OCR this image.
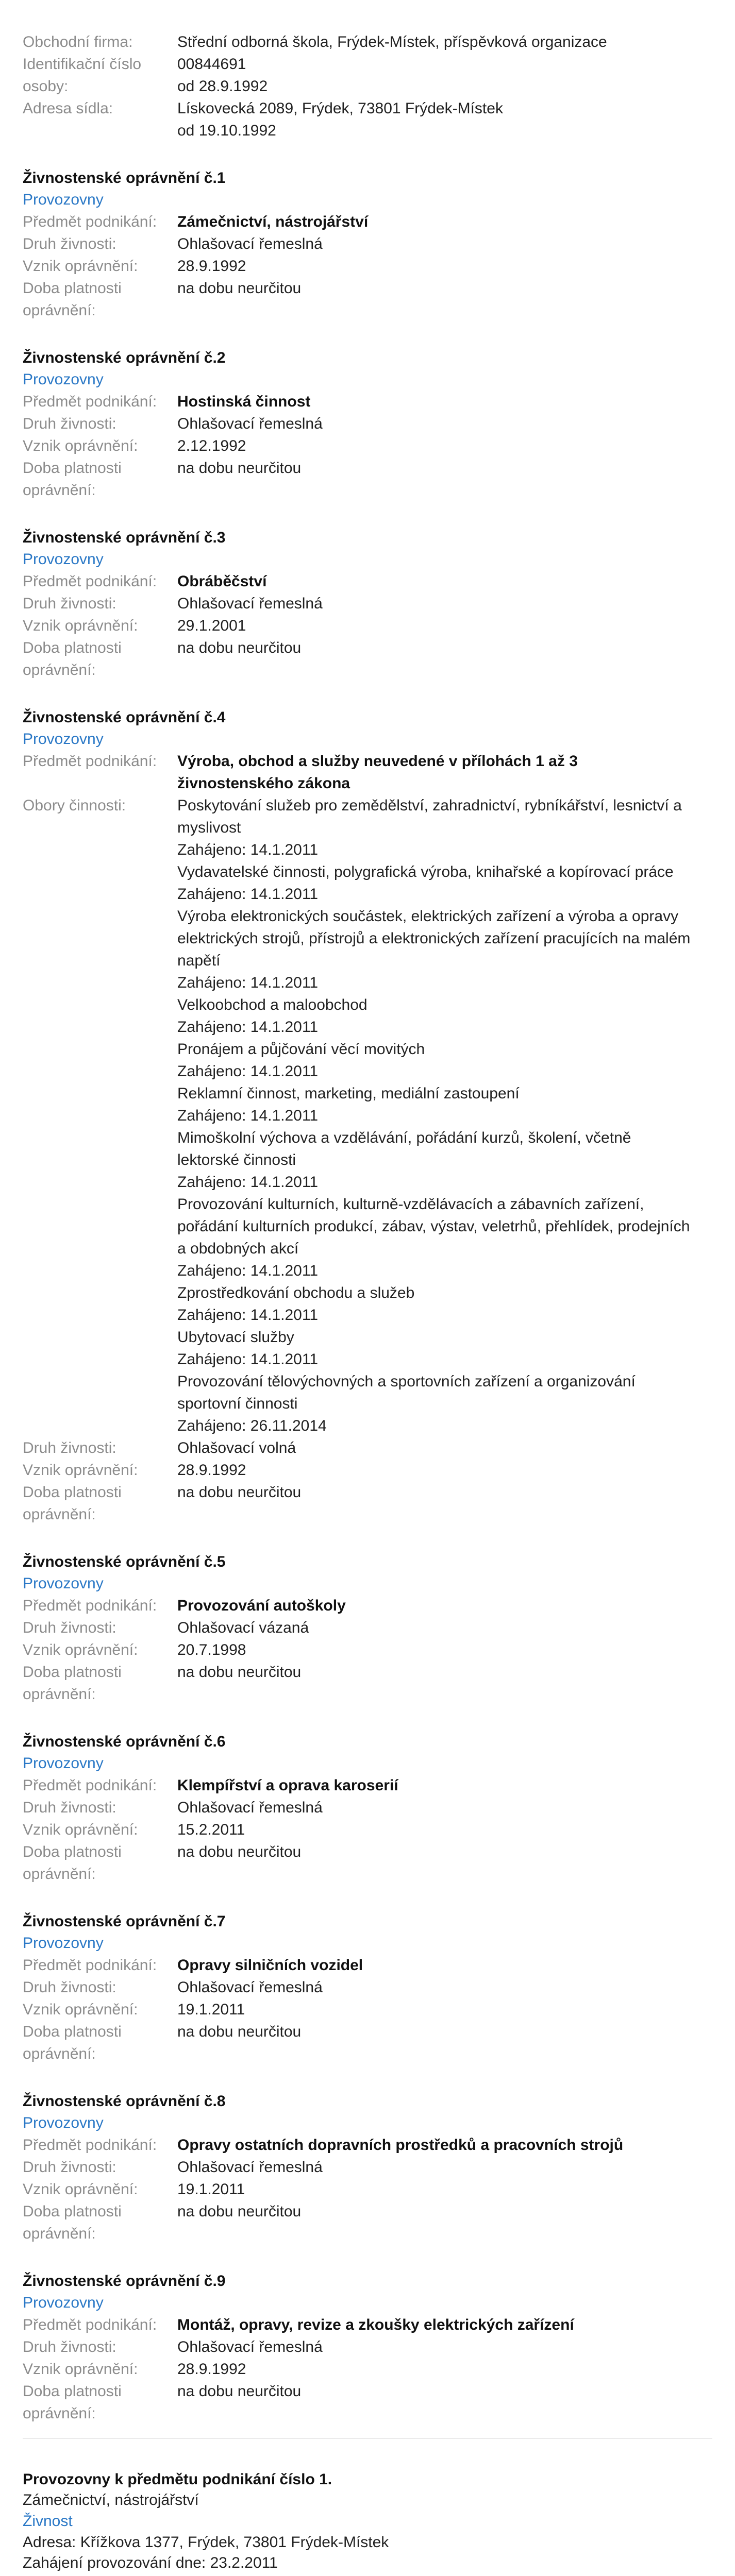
Obchodní firma:	Střední odborná škola, Frýdek-Místek, příspěvková organizace
Identifikační číslo	00844691
osoby:	od 28.9.1992
Adresa sídla:	Lískovecká 2089, Frýdek, 73801 Frýdek-Místek
od 19.10.1992
Živnostenské oprávnění č.1
Provozovny
Předmět podnikání:	Zámečnictví, nástrojářství
Druh živnosti:	Ohlašovací řemeslná
Vznik oprávnění:	28.9.1992
Doba platnosti	na dobu neurčitou
oprávnění:
Živnostenské oprávnění č.2
Provozovny
Předmět podnikání:	Hostinská činnost
Druh živnosti:	Ohlašovací řemeslná
Vznik oprávnění:	2.12.1992
Doba platnosti	na dobu neurčitou
oprávnění:
Živnostenské oprávnění č.3
Provozovny
Předmět podnikání:	Obráběčství
Druh živnosti:	Ohlašovací řemeslná
Vznik oprávnění:	29.1.2001
Doba platnosti	na dobu neurčitou
oprávnění:
Živnostenské oprávnění č.4
Provozovny
Předmět podnikání:	Výroba, obchod a služby neuvedené v přílohách 1 až 3 živnostenského zákona
Obory činnosti:	Poskytování služeb pro zemědělství, zahradnictví, rybníkářství, lesnictví a myslivost
Zahájeno: 14.1.2011
Vydavatelské činnosti, polygrafická výroba, knihařské a kopírovací práce
Zahájeno: 14.1.2011
Výroba elektronických součástek, elektrických zařízení a výroba a opravy elektrických strojů, přístrojů a elektronických zařízení pracujících na malém napětí
Zahájeno: 14.1.2011
Velkoobchod a maloobchod
Zahájeno: 14.1.2011
Pronájem a půjčování věcí movitých
Zahájeno: 14.1.2011
Reklamní činnost, marketing, mediální zastoupení
Zahájeno: 14.1.2011
Mimoškolní výchova a vzdělávání, pořádání kurzů, školení, včetně lektorské činnosti
Zahájeno: 14.1.2011
Provozování kulturních, kulturně-vzdělávacích a zábavních zařízení, pořádání kulturních produkcí, zábav, výstav, veletrhů, přehlídek, prodejních a obdobných akcí
Zahájeno: 14.1.2011
Zprostředkování obchodu a služeb
Zahájeno: 14.1.2011
Ubytovací služby
Zahájeno: 14.1.2011
Provozování tělovýchovných a sportovních zařízení a organizování sportovní činnosti
Zahájeno: 26.11.2014
Druh živnosti:	Ohlašovací volná
Vznik oprávnění:	28.9.1992
Doba platnosti	na dobu neurčitou
oprávnění:
Živnostenské oprávnění č.5
Provozovny
Předmět podnikání:	Provozování autoškoly
Druh živnosti:	Ohlašovací vázaná
Vznik oprávnění:	20.7.1998
Doba platnosti	na dobu neurčitou
oprávnění:
Živnostenské oprávnění č.6
Provozovny
Předmět podnikání:	Klempířství a oprava karoserií
Druh živnosti:	Ohlašovací řemeslná
Vznik oprávnění:	15.2.2011
Doba platnosti	na dobu neurčitou
oprávnění:
Živnostenské oprávnění č.7
Provozovny
Předmět podnikání:	Opravy silničních vozidel
Druh živnosti:	Ohlašovací řemeslná
Vznik oprávnění:	19.1.2011
Doba platnosti	na dobu neurčitou
oprávnění:
Živnostenské oprávnění č.8
Provozovny
Předmět podnikání:	Opravy ostatních dopravních prostředků a pracovních strojů
Druh živnosti:	Ohlašovací řemeslná
Vznik oprávnění:	19.1.2011
Doba platnosti	na dobu neurčitou
oprávnění:
Živnostenské oprávnění č.9
Provozovny
Předmět podnikání:	Montáž, opravy, revize a zkoušky elektrických zařízení
Druh živnosti:	Ohlašovací řemeslná
Vznik oprávnění:	28.9.1992
Doba platnosti	na dobu neurčitou
oprávnění:
Provozovny k předmětu podnikání číslo 1.
Zámečnictví, nástrojářství
Živnost
Adresa: Křížkova 1377, Frýdek, 73801 Frýdek-Místek
Zahájení provozování dne: 23.2.2011
